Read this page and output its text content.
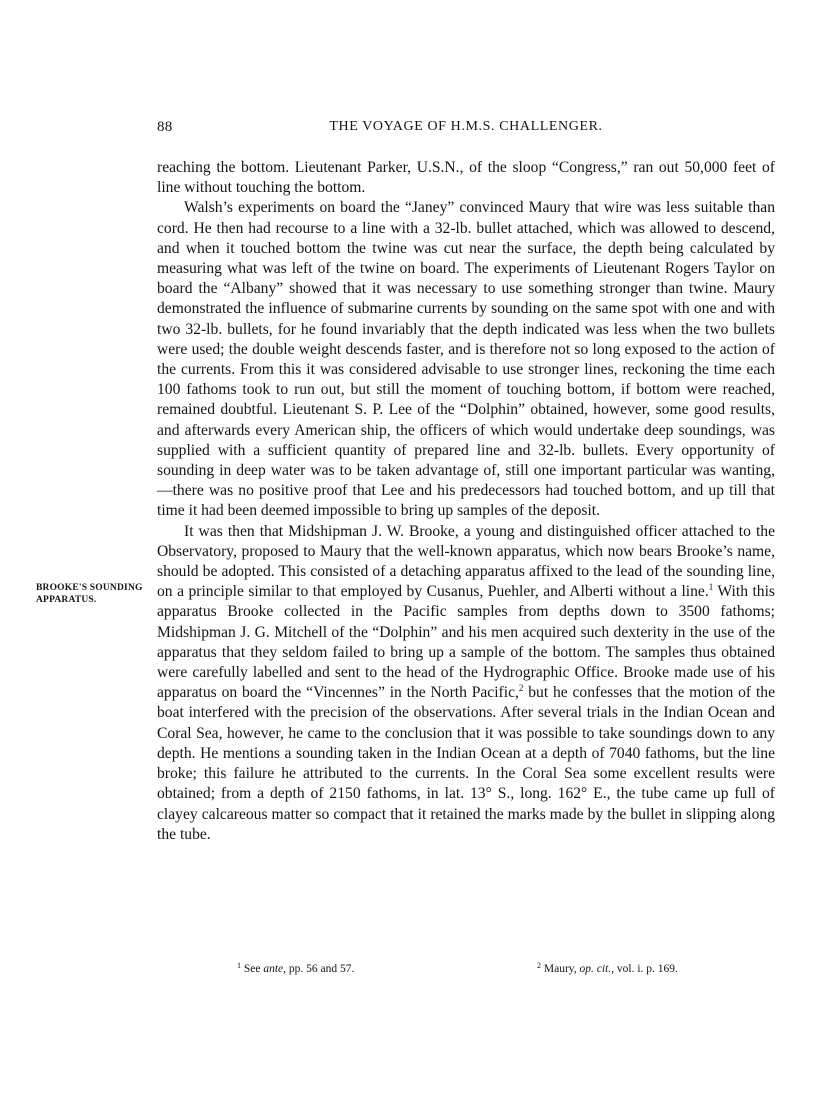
88	THE VOYAGE OF H.M.S. CHALLENGER.
BROOKE'S SOUNDING APPARATUS.

reaching the bottom. Lieutenant Parker, U.S.N., of the sloop “Congress,” ran out 50,000 feet of line without touching the bottom.

Walsh’s experiments on board the “Janey” convinced Maury that wire was less suitable than cord. He then had recourse to a line with a 32-lb. bullet attached, which was allowed to descend, and when it touched bottom the twine was cut near the surface, the depth being calculated by measuring what was left of the twine on board. The experiments of Lieutenant Rogers Taylor on board the “Albany” showed that it was necessary to use something stronger than twine. Maury demonstrated the influence of submarine currents by sounding on the same spot with one and with two 32-lb. bullets, for he found invariably that the depth indicated was less when the two bullets were used; the double weight descends faster, and is therefore not so long exposed to the action of the currents. From this it was considered advisable to use stronger lines, reckoning the time each 100 fathoms took to run out, but still the moment of touching bottom, if bottom were reached, remained doubtful. Lieutenant S. P. Lee of the “Dolphin” obtained, however, some good results, and afterwards every American ship, the officers of which would undertake deep soundings, was supplied with a sufficient quantity of prepared line and 32-lb. bullets. Every opportunity of sounding in deep water was to be taken advantage of, still one important particular was wanting, —there was no positive proof that Lee and his predecessors had touched bottom, and up till that time it had been deemed impossible to bring up samples of the deposit.

It was then that Midshipman J. W. Brooke, a young and distinguished officer attached to the Observatory, proposed to Maury that the well-known apparatus, which now bears Brooke’s name, should be adopted. This consisted of a detaching apparatus affixed to the lead of the sounding line, on a principle similar to that employed by Cusanus, Puehler, and Alberti without a line.$^1$ With this apparatus Brooke collected in the Pacific samples from depths down to 3500 fathoms; Midshipman J. G. Mitchell of the “Dolphin” and his men acquired such dexterity in the use of the apparatus that they seldom failed to bring up a sample of the bottom. The samples thus obtained were carefully labelled and sent to the head of the Hydrographic Office. Brooke made use of his apparatus on board the “Vincennes” in the North Pacific,$^2$ but he confesses that the motion of the boat interfered with the precision of the observations. After several trials in the Indian Ocean and Coral Sea, however, he came to the conclusion that it was possible to take soundings down to any depth. He mentions a sounding taken in the Indian Ocean at a depth of 7040 fathoms, but the line broke; this failure he attributed to the currents. In the Coral Sea some excellent results were obtained; from a depth of 2150 fathoms, in lat. 13° S., long. 162° E., the tube came up full of clayey calcareous matter so compact that it retained the marks made by the bullet in slipping along the tube.

$^1$ See ante, pp. 56 and 57.	$^2$ Maury, op. cit., vol. i. p. 169.
